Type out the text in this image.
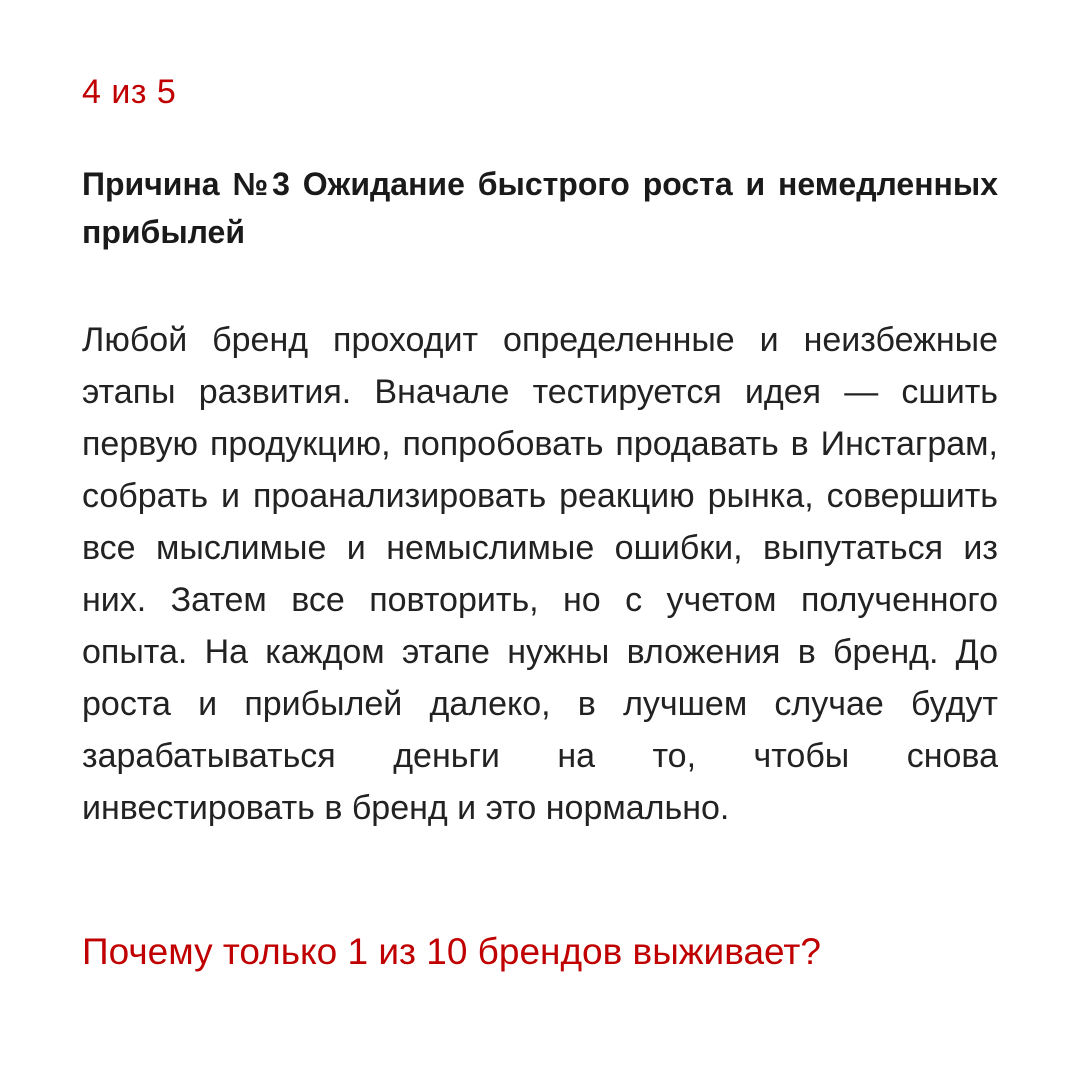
4 из 5
Причина №3 Ожидание быстрого роста и немедленных прибылей

Любой бренд проходит определенные и неизбежные этапы развития. Вначале тестируется идея — сшить первую продукцию, попробовать продавать в Инстаграм, собрать и проанализировать реакцию рынка, совершить все мыслимые и немыслимые ошибки, выпутаться из них. Затем все повторить, но с учетом полученного опыта. На каждом этапе нужны вложения в бренд. До роста и прибылей далеко, в лучшем случае будут зарабатываться деньги на то, чтобы снова инвестировать в бренд и это нормально.

Почему только 1 из 10 брендов выживает?
